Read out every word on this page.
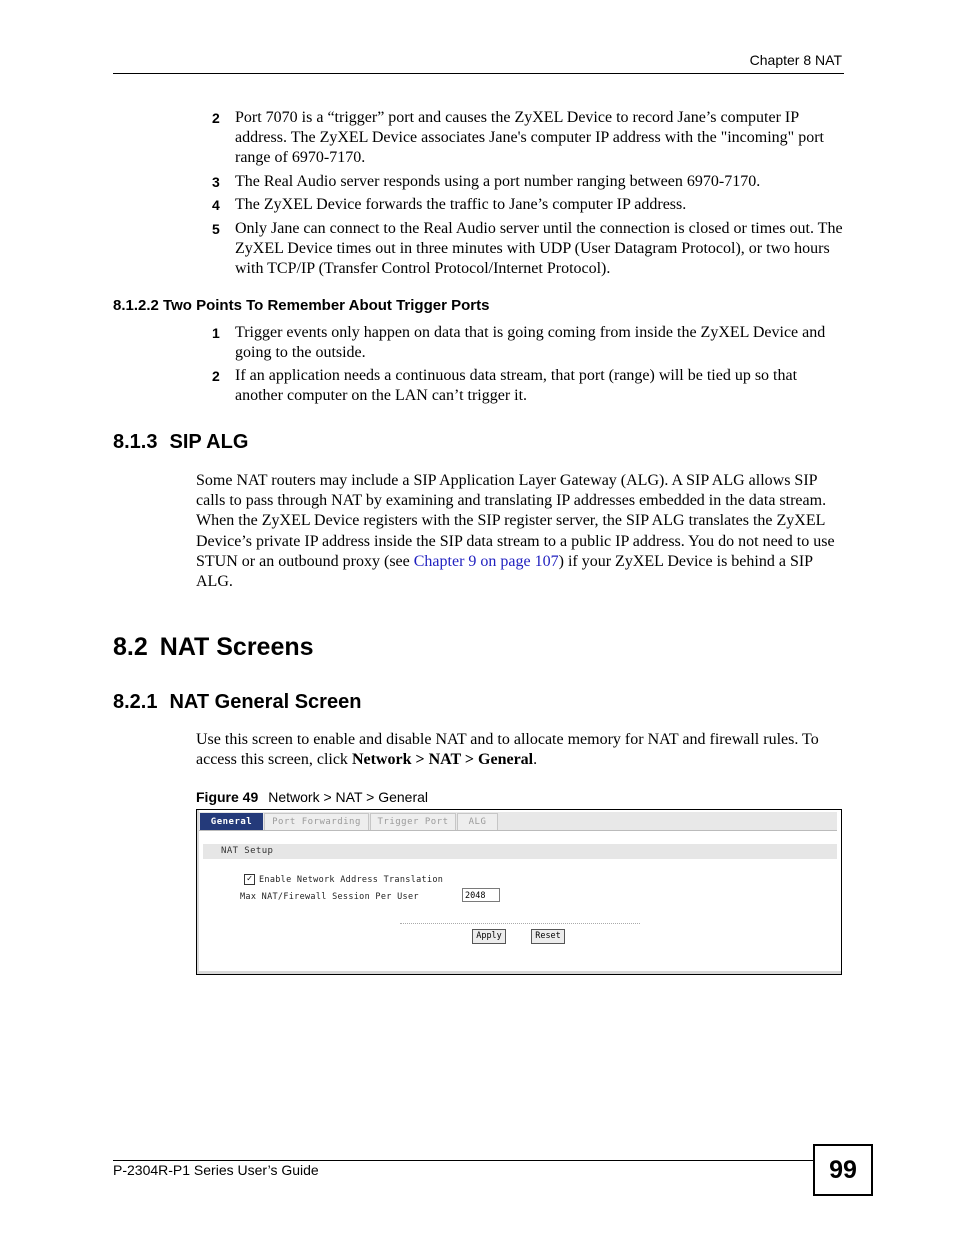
Chapter 8 NAT
2 Port 7070 is a “trigger” port and causes the ZyXEL Device to record Jane’s computer IP address. The ZyXEL Device associates Jane's computer IP address with the "incoming" port range of 6970-7170.
3 The Real Audio server responds using a port number ranging between 6970-7170.
4 The ZyXEL Device forwards the traffic to Jane’s computer IP address.
5 Only Jane can connect to the Real Audio server until the connection is closed or times out. The ZyXEL Device times out in three minutes with UDP (User Datagram Protocol), or two hours with TCP/IP (Transfer Control Protocol/Internet Protocol).
8.1.2.2 Two Points To Remember About Trigger Ports
1 Trigger events only happen on data that is going coming from inside the ZyXEL Device and going to the outside.
2 If an application needs a continuous data stream, that port (range) will be tied up so that another computer on the LAN can’t trigger it.
8.1.3 SIP ALG
Some NAT routers may include a SIP Application Layer Gateway (ALG). A SIP ALG allows SIP calls to pass through NAT by examining and translating IP addresses embedded in the data stream. When the ZyXEL Device registers with the SIP register server, the SIP ALG translates the ZyXEL Device’s private IP address inside the SIP data stream to a public IP address. You do not need to use STUN or an outbound proxy (see Chapter 9 on page 107) if your ZyXEL Device is behind a SIP ALG.
8.2 NAT Screens
8.2.1 NAT General Screen
Use this screen to enable and disable NAT and to allocate memory for NAT and firewall rules. To access this screen, click Network > NAT > General.
Figure 49 Network > NAT > General
General	Port Forwarding	Trigger Port	ALG
NAT Setup
✓ Enable Network Address Translation
Max NAT/Firewall Session Per User	2048
Apply	Reset
P-2304R-P1 Series User’s Guide	99
